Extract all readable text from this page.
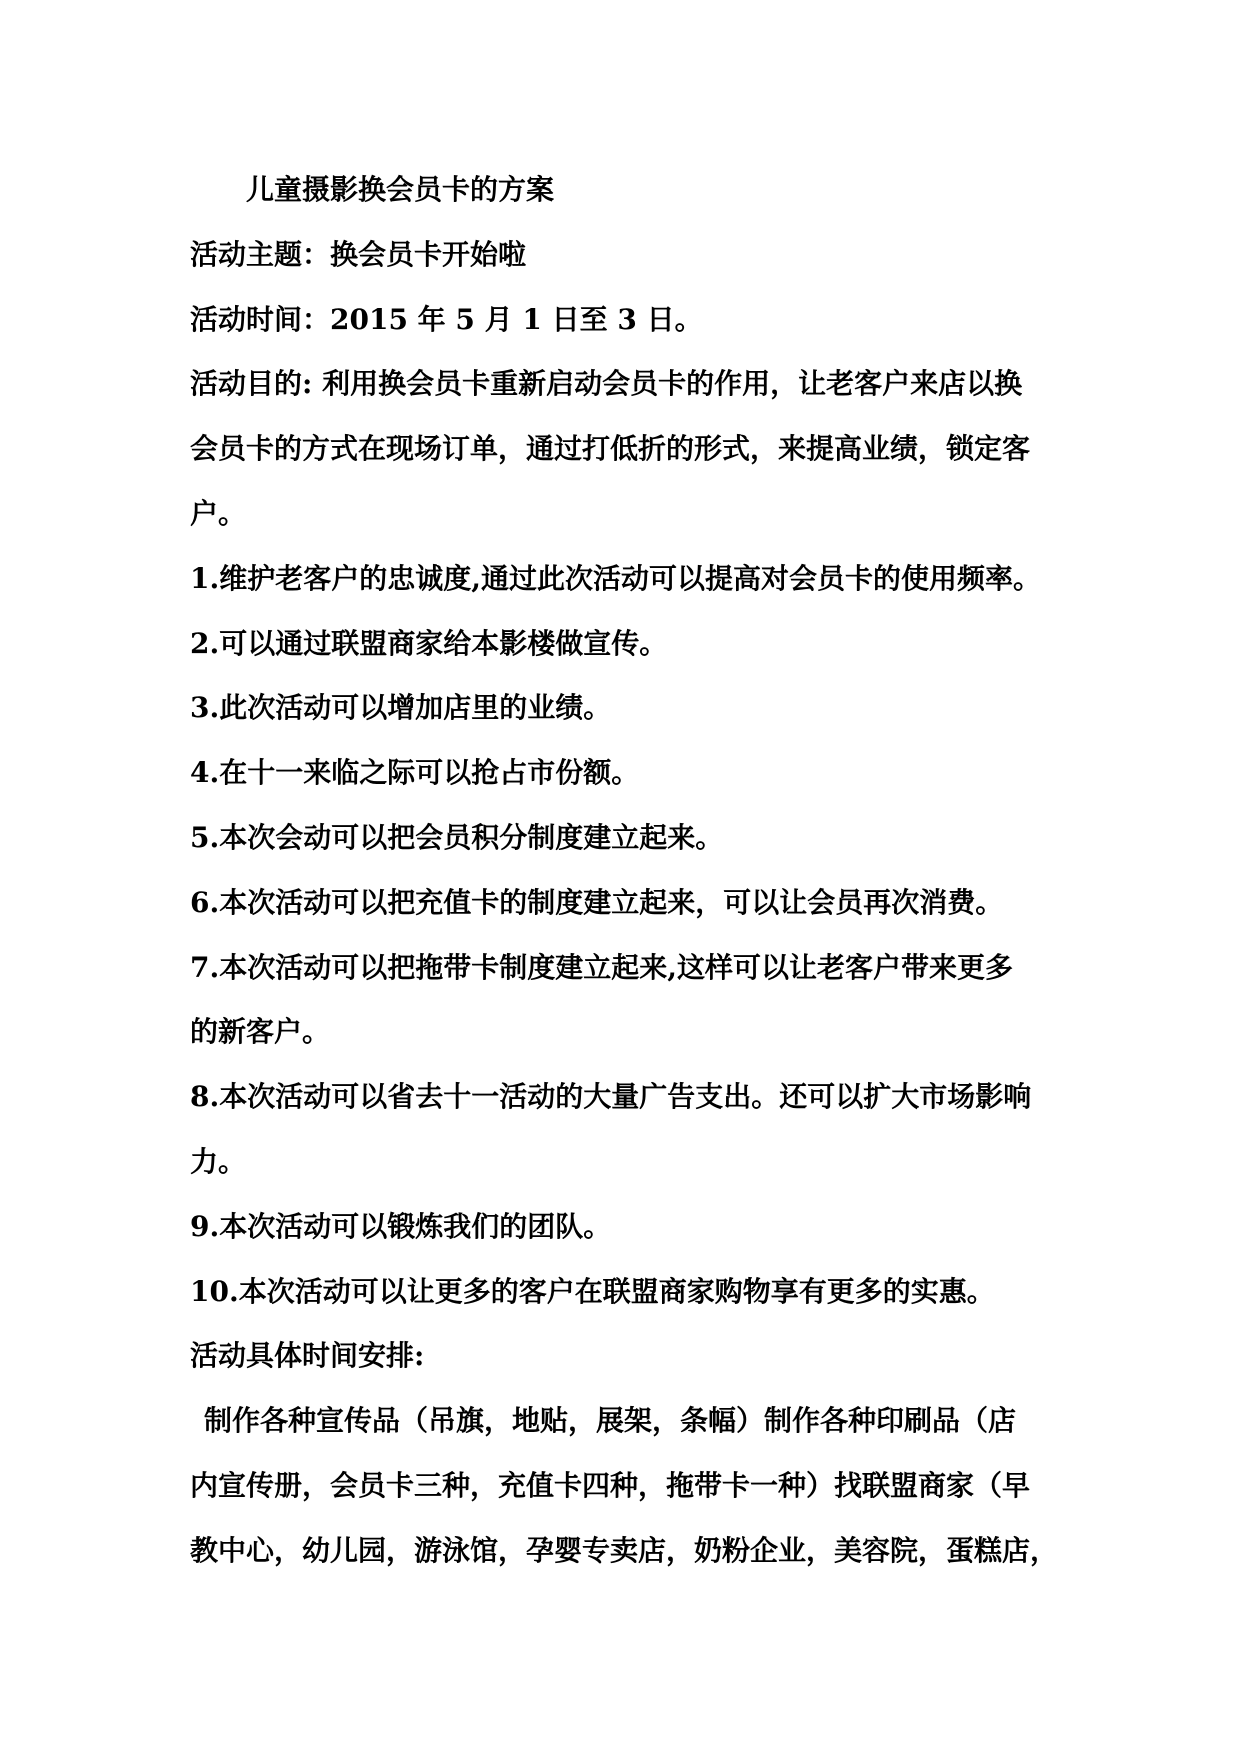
儿童摄影换会员卡的方案
活动主题：换会员卡开始啦
活动时间：2015 年 5 月 1 日至 3 日。
活动目的: 利用换会员卡重新启动会员卡的作用，让老客户来店以换
会员卡的方式在现场订单，通过打低折的形式，来提高业绩，锁定客
户。
1.维护老客户的忠诚度,通过此次活动可以提高对会员卡的使用频率。
2.可以通过联盟商家给本影楼做宣传。
3.此次活动可以增加店里的业绩。
4.在十一来临之际可以抢占市份额。
5.本次会动可以把会员积分制度建立起来。
6.本次活动可以把充值卡的制度建立起来，可以让会员再次消费。
7.本次活动可以把拖带卡制度建立起来,这样可以让老客户带来更多
的新客户。
8.本次活动可以省去十一活动的大量广告支出。还可以扩大市场影响
力。
9.本次活动可以锻炼我们的团队。
10.本次活动可以让更多的客户在联盟商家购物享有更多的实惠。
活动具体时间安排:
制作各种宣传品（吊旗，地贴，展架，条幅）制作各种印刷品（店
内宣传册，会员卡三种，充值卡四种，拖带卡一种）找联盟商家（早
教中心，幼儿园，游泳馆，孕婴专卖店，奶粉企业，美容院，蛋糕店，
